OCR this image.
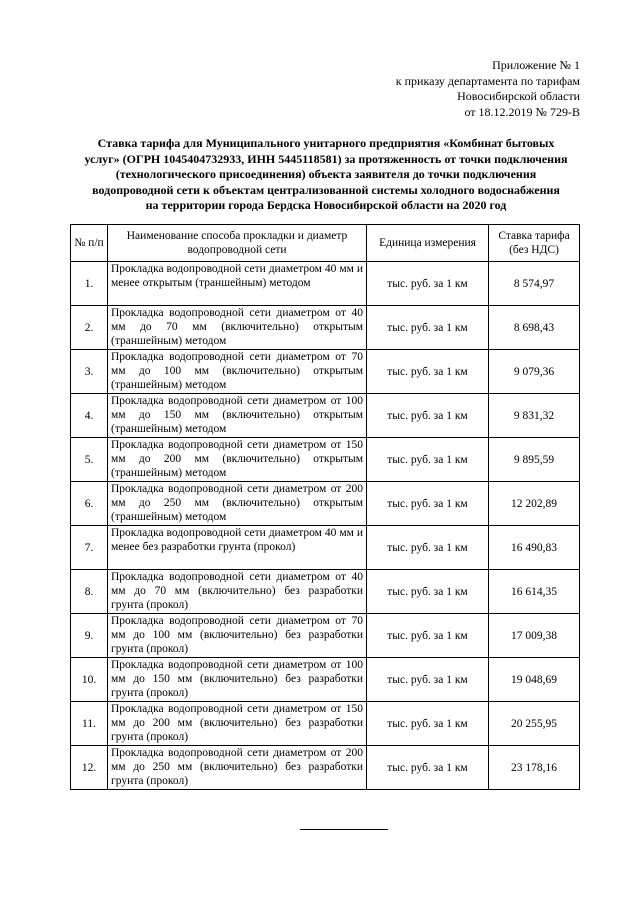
Приложение № 1
к приказу департамента по тарифам
Новосибирской области
от 18.12.2019 № 729-В
Ставка тарифа для Муниципального унитарного предприятия «Комбинат бытовых
услуг» (ОГРН 1045404732933, ИНН 5445118581) за протяженность от точки подключения
(технологического присоединения) объекта заявителя до точки подключения
водопроводной сети к объектам централизованной системы холодного водоснабжения
на территории города Бердска Новосибирской области на 2020 год
№ п/п	Наименование способа прокладки и диаметр водопроводной сети	Единица измерения	Ставка тарифа (без НДС)
1.	Прокладка водопроводной сети диаметром 40 мм и менее открытым (траншейным) методом	тыс. руб. за 1 км	8 574,97
2.	Прокладка водопроводной сети диаметром от 40 мм до 70 мм (включительно) открытым (траншейным) методом	тыс. руб. за 1 км	8 698,43
3.	Прокладка водопроводной сети диаметром от 70 мм до 100 мм (включительно) открытым (траншейным) методом	тыс. руб. за 1 км	9 079,36
4.	Прокладка водопроводной сети диаметром от 100 мм до 150 мм (включительно) открытым (траншейным) методом	тыс. руб. за 1 км	9 831,32
5.	Прокладка водопроводной сети диаметром от 150 мм до 200 мм (включительно) открытым (траншейным) методом	тыс. руб. за 1 км	9 895,59
6.	Прокладка водопроводной сети диаметром от 200 мм до 250 мм (включительно) открытым (траншейным) методом	тыс. руб. за 1 км	12 202,89
7.	Прокладка водопроводной сети диаметром 40 мм и менее без разработки грунта (прокол)	тыс. руб. за 1 км	16 490,83
8.	Прокладка водопроводной сети диаметром от 40 мм до 70 мм (включительно) без разработки грунта (прокол)	тыс. руб. за 1 км	16 614,35
9.	Прокладка водопроводной сети диаметром от 70 мм до 100 мм (включительно) без разработки грунта (прокол)	тыс. руб. за 1 км	17 009,38
10.	Прокладка водопроводной сети диаметром от 100 мм до 150 мм (включительно) без разработки грунта (прокол)	тыс. руб. за 1 км	19 048,69
11.	Прокладка водопроводной сети диаметром от 150 мм до 200 мм (включительно) без разработки грунта (прокол)	тыс. руб. за 1 км	20 255,95
12.	Прокладка водопроводной сети диаметром от 200 мм до 250 мм (включительно) без разработки грунта (прокол)	тыс. руб. за 1 км	23 178,16
